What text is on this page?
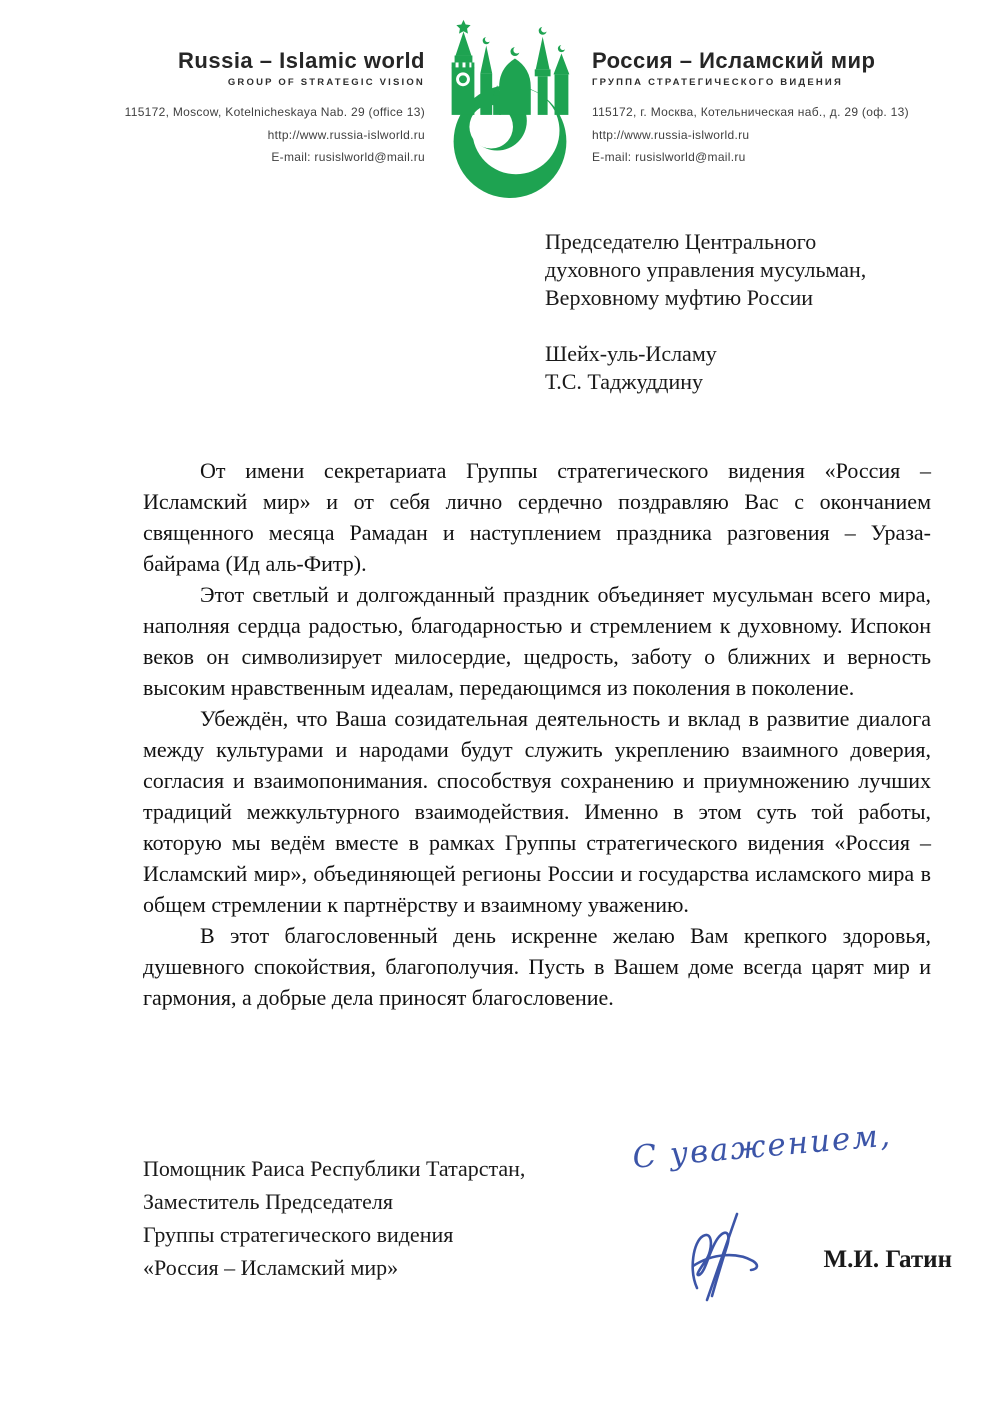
Russia – Islamic world
GROUP OF STRATEGIC VISION
115172, Moscow, Kotelnicheskaya Nab. 29 (office 13)
http://www.russia-islworld.ru
E-mail: rusislworld@mail.ru
Россия – Исламский мир
ГРУППА СТРАТЕГИЧЕСКОГО ВИДЕНИЯ
115172, г. Москва, Котельническая наб., д. 29 (оф. 13)
http://www.russia-islworld.ru
E-mail: rusislworld@mail.ru
Председателю Центрального
духовного управления мусульман,
Верховному муфтию России
Шейх-уль-Исламу
Т.С. Таджуддину

От имени секретариата Группы стратегического видения «Россия – Исламский мир» и от себя лично сердечно поздравляю Вас с окончанием священного месяца Рамадан и наступлением праздника разговения – Ураза-байрама (Ид аль-Фитр).

Этот светлый и долгожданный праздник объединяет мусульман всего мира, наполняя сердца радостью, благодарностью и стремлением к духовному. Испокон веков он символизирует милосердие, щедрость, заботу о ближних и верность высоким нравственным идеалам, передающимся из поколения в поколение.

Убеждён, что Ваша созидательная деятельность и вклад в развитие диалога между культурами и народами будут служить укреплению взаимного доверия, согласия и взаимопонимания. способствуя сохранению и приумножению лучших традиций межкультурного взаимодействия. Именно в этом суть той работы, которую мы ведём вместе в рамках Группы стратегического видения «Россия – Исламский мир», объединяющей регионы России и государства исламского мира в общем стремлении к партнёрству и взаимному уважению.

В этот благословенный день искренне желаю Вам крепкого здоровья, душевного спокойствия, благополучия. Пусть в Вашем доме всегда царят мир и гармония, а добрые дела приносят благословение.

С уважением,
Помощник Раиса Республики Татарстан,
Заместитель Председателя
Группы стратегического видения
«Россия – Исламский мир»	М.И. Гатин
